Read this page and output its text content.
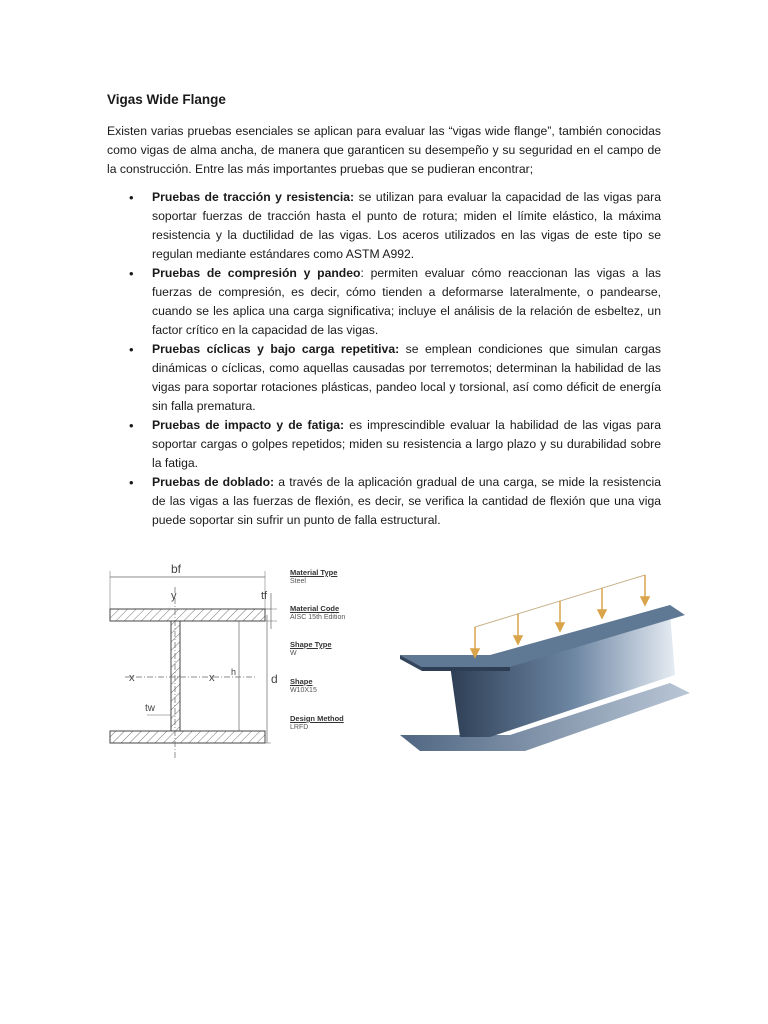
Vigas Wide Flange

Existen varias pruebas esenciales se aplican para evaluar las “vigas wide flange”, también conocidas como vigas de alma ancha, de manera que garanticen su desempeño y su seguridad en el campo de la construcción. Entre las más importantes pruebas que se pudieran encontrar;

• Pruebas de tracción y resistencia: se utilizan para evaluar la capacidad de las vigas para soportar fuerzas de tracción hasta el punto de rotura; miden el límite elástico, la máxima resistencia y la ductilidad de las vigas. Los aceros utilizados en las vigas de este tipo se regulan mediante estándares como ASTM A992.
• Pruebas de compresión y pandeo: permiten evaluar cómo reaccionan las vigas a las fuerzas de compresión, es decir, cómo tienden a deformarse lateralmente, o pandearse, cuando se les aplica una carga significativa; incluye el análisis de la relación de esbeltez, un factor crítico en la capacidad de las vigas.
• Pruebas cíclicas y bajo carga repetitiva: se emplean condiciones que simulan cargas dinámicas o cíclicas, como aquellas causadas por terremotos; determinan la habilidad de las vigas para soportar rotaciones plásticas, pandeo local y torsional, así como déficit de energía sin falla prematura.
• Pruebas de impacto y de fatiga: es imprescindible evaluar la habilidad de las vigas para soportar cargas o golpes repetidos; miden su resistencia a largo plazo y su durabilidad sobre la fatiga.
• Pruebas de doblado: a través de la aplicación gradual de una carga, se mide la resistencia de las vigas a las fuerzas de flexión, es decir, se verifica la cantidad de flexión que una viga puede soportar sin sufrir un punto de falla estructural.
bf
y	tf
d
h
x	x
tw
Material Type
Steel
Material Code
AISC 15th Edition
Shape Type
W
Shape
W10X15
Design Method
LRFD
